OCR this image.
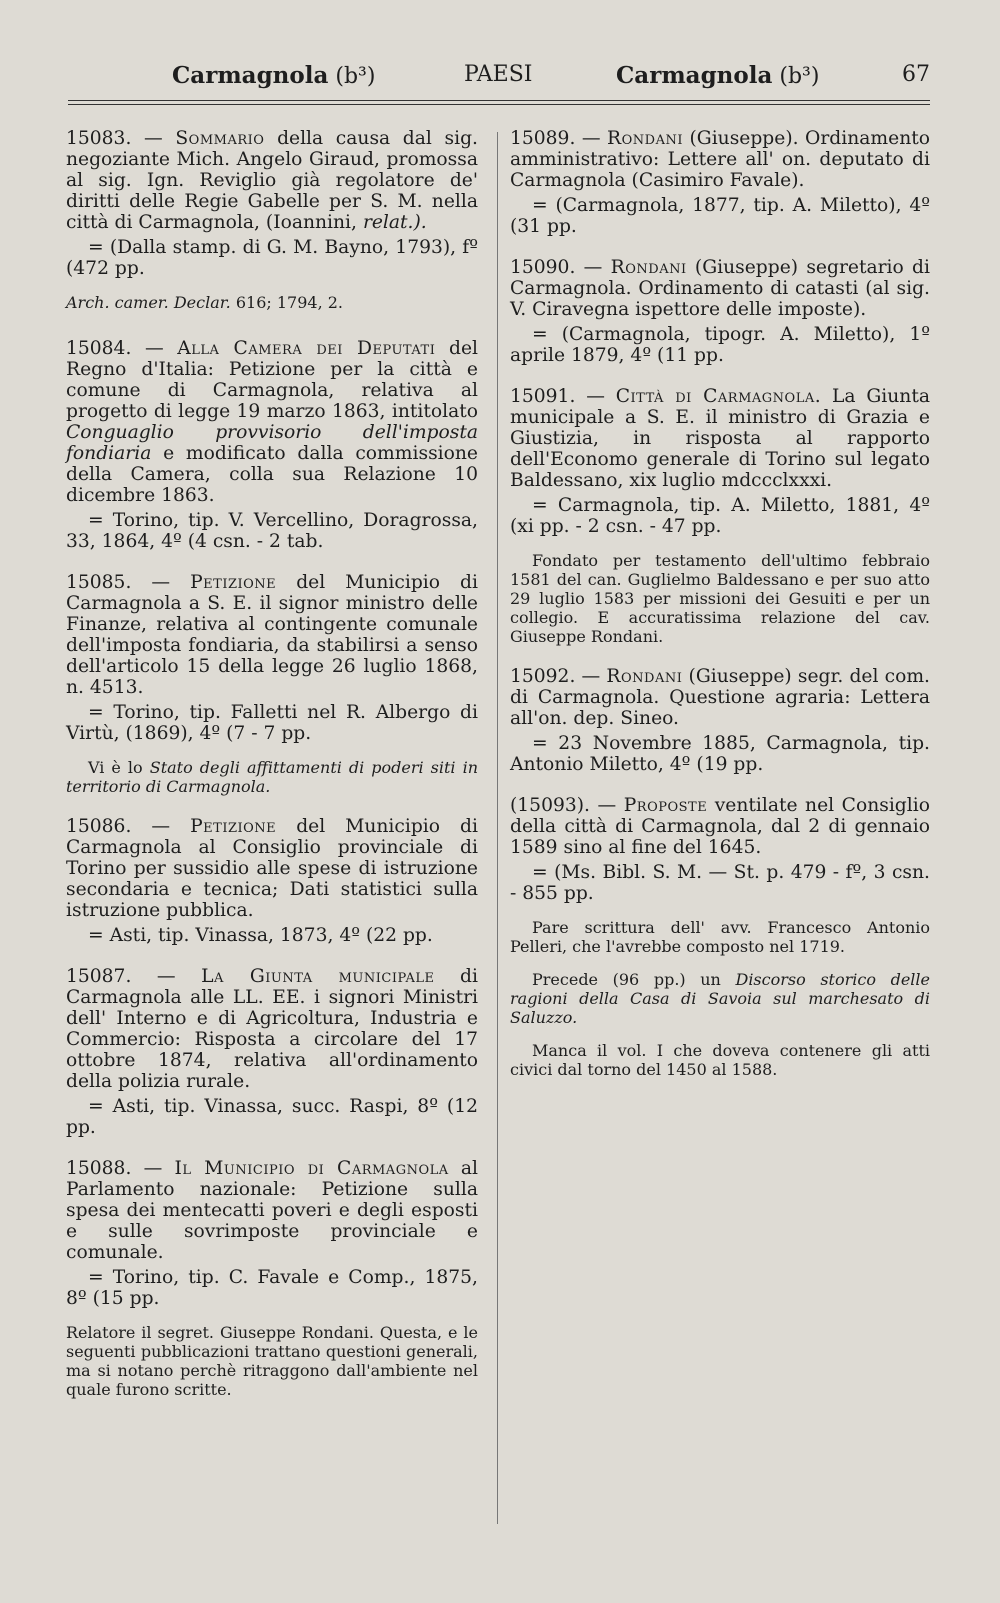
Carmagnola (b³)	PAESI	Carmagnola (b³)	67

15083. — Sommario della causa dal sig. negoziante Mich. Angelo Giraud, promossa al sig. Ign. Reviglio già regolatore de' diritti delle Regie Gabelle per S. M. nella città di Carmagnola, (Ioannini, relat.).

= (Dalla stamp. di G. M. Bayno, 1793), fº (472 pp.

Arch. camer. Declar. 616; 1794, 2.

15084. — Alla Camera dei Deputati del Regno d'Italia: Petizione per la città e comune di Carmagnola, relativa al progetto di legge 19 marzo 1863, intitolato Conguaglio provvisorio dell'imposta fondiaria e modificato dalla commissione della Camera, colla sua Relazione 10 dicembre 1863.

= Torino, tip. V. Vercellino, Doragrossa, 33, 1864, 4º (4 csn. - 2 tab.

15085. — Petizione del Municipio di Carmagnola a S. E. il signor ministro delle Finanze, relativa al contingente comunale dell'imposta fondiaria, da stabilirsi a senso dell'articolo 15 della legge 26 luglio 1868, n. 4513.

= Torino, tip. Falletti nel R. Albergo di Virtù, (1869), 4º (7 - 7 pp.

Vi è lo Stato degli affittamenti di poderi siti in territorio di Carmagnola.

15086. — Petizione del Municipio di Carmagnola al Consiglio provinciale di Torino per sussidio alle spese di istruzione secondaria e tecnica; Dati statistici sulla istruzione pubblica.

= Asti, tip. Vinassa, 1873, 4º (22 pp.

15087. — La Giunta municipale di Carmagnola alle LL. EE. i signori Ministri dell' Interno e di Agricoltura, Industria e Commercio: Risposta a circolare del 17 ottobre 1874, relativa all'ordinamento della polizia rurale.

= Asti, tip. Vinassa, succ. Raspi, 8º (12 pp.

15088. — Il Municipio di Carmagnola al Parlamento nazionale: Petizione sulla spesa dei mentecatti poveri e degli esposti e sulle sovrimposte provinciale e comunale.

= Torino, tip. C. Favale e Comp., 1875, 8º (15 pp.

Relatore il segret. Giuseppe Rondani. Questa, e le seguenti pubblicazioni trattano questioni generali, ma si notano perchè ritraggono dall'ambiente nel quale furono scritte.

15089. — Rondani (Giuseppe). Ordinamento amministrativo: Lettere all' on. deputato di Carmagnola (Casimiro Favale).

= (Carmagnola, 1877, tip. A. Miletto), 4º (31 pp.

15090. — Rondani (Giuseppe) segretario di Carmagnola. Ordinamento di catasti (al sig. V. Ciravegna ispettore delle imposte).

= (Carmagnola, tipogr. A. Miletto), 1º aprile 1879, 4º (11 pp.

15091. — Città di Carmagnola. La Giunta municipale a S. E. il ministro di Grazia e Giustizia, in risposta al rapporto dell'Economo generale di Torino sul legato Baldessano, xix luglio mdccclxxxi.

= Carmagnola, tip. A. Miletto, 1881, 4º (xi pp. - 2 csn. - 47 pp.

Fondato per testamento dell'ultimo febbraio 1581 del can. Guglielmo Baldessano e per suo atto 29 luglio 1583 per missioni dei Gesuiti e per un collegio. E accuratissima relazione del cav. Giuseppe Rondani.

15092. — Rondani (Giuseppe) segr. del com. di Carmagnola. Questione agraria: Lettera all'on. dep. Sineo.

= 23 Novembre 1885, Carmagnola, tip. Antonio Miletto, 4º (19 pp.

(15093). — Proposte ventilate nel Consiglio della città di Carmagnola, dal 2 di gennaio 1589 sino al fine del 1645.

= (Ms. Bibl. S. M. — St. p. 479 - fº, 3 csn. - 855 pp.

Pare scrittura dell' avv. Francesco Antonio Pelleri, che l'avrebbe composto nel 1719.

Precede (96 pp.) un Discorso storico delle ragioni della Casa di Savoia sul marchesato di Saluzzo.

Manca il vol. I che doveva contenere gli atti civici dal torno del 1450 al 1588.
